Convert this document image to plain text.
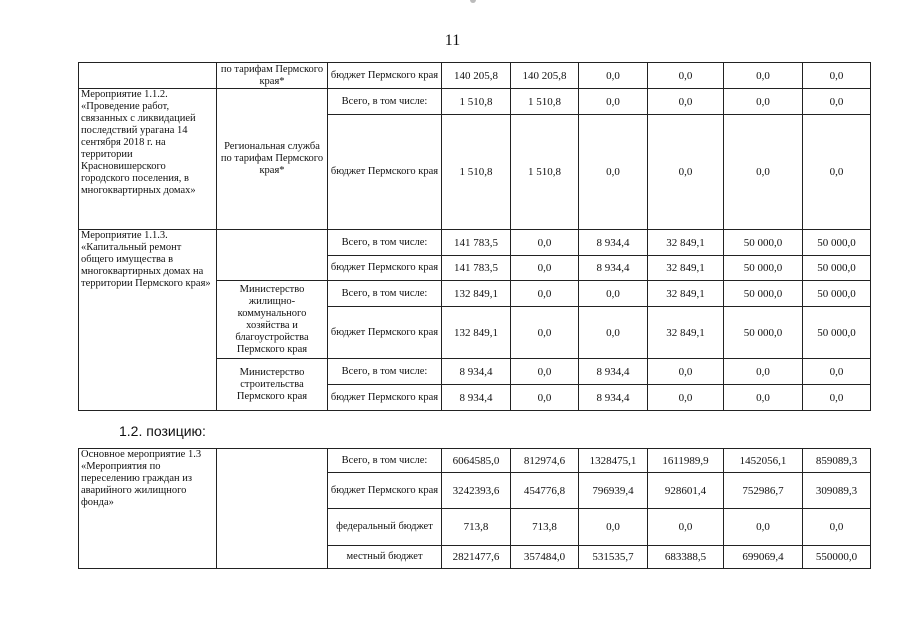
11
	по тарифам Пермского края*	бюджет Пермского края	140 205,8	140 205,8	0,0	0,0	0,0	0,0
Мероприятие 1.1.2. «Проведение работ, связанных с ликвидацией последствий урагана 14 сентября 2018 г. на территории Красновишерского городского поселения, в многоквартирных домах»	Региональная служба по тарифам Пермского края*	Всего, в том числе:	1 510,8	1 510,8	0,0	0,0	0,0	0,0
		бюджет Пермского края	1 510,8	1 510,8	0,0	0,0	0,0	0,0
Мероприятие 1.1.3. «Капитальный ремонт общего имущества в многоквартирных домах на территории Пермского края»		Всего, в том числе:	141 783,5	0,0	8 934,4	32 849,1	50 000,0	50 000,0
		бюджет Пермского края	141 783,5	0,0	8 934,4	32 849,1	50 000,0	50 000,0
	Министерство жилищно-коммунального хозяйства и благоустройства Пермского края	Всего, в том числе:	132 849,1	0,0	0,0	32 849,1	50 000,0	50 000,0
		бюджет Пермского края	132 849,1	0,0	0,0	32 849,1	50 000,0	50 000,0
	Министерство строительства Пермского края	Всего, в том числе:	8 934,4	0,0	8 934,4	0,0	0,0	0,0
		бюджет Пермского края	8 934,4	0,0	8 934,4	0,0	0,0	0,0
1.2. позицию:
Основное мероприятие 1.3 «Мероприятия по переселению граждан из аварийного жилищного фонда»		Всего, в том числе:	6064585,0	812974,6	1328475,1	1611989,9	1452056,1	859089,3
		бюджет Пермского края	3242393,6	454776,8	796939,4	928601,4	752986,7	309089,3
		федеральный бюджет	713,8	713,8	0,0	0,0	0,0	0,0
		местный бюджет	2821477,6	357484,0	531535,7	683388,5	699069,4	550000,0
